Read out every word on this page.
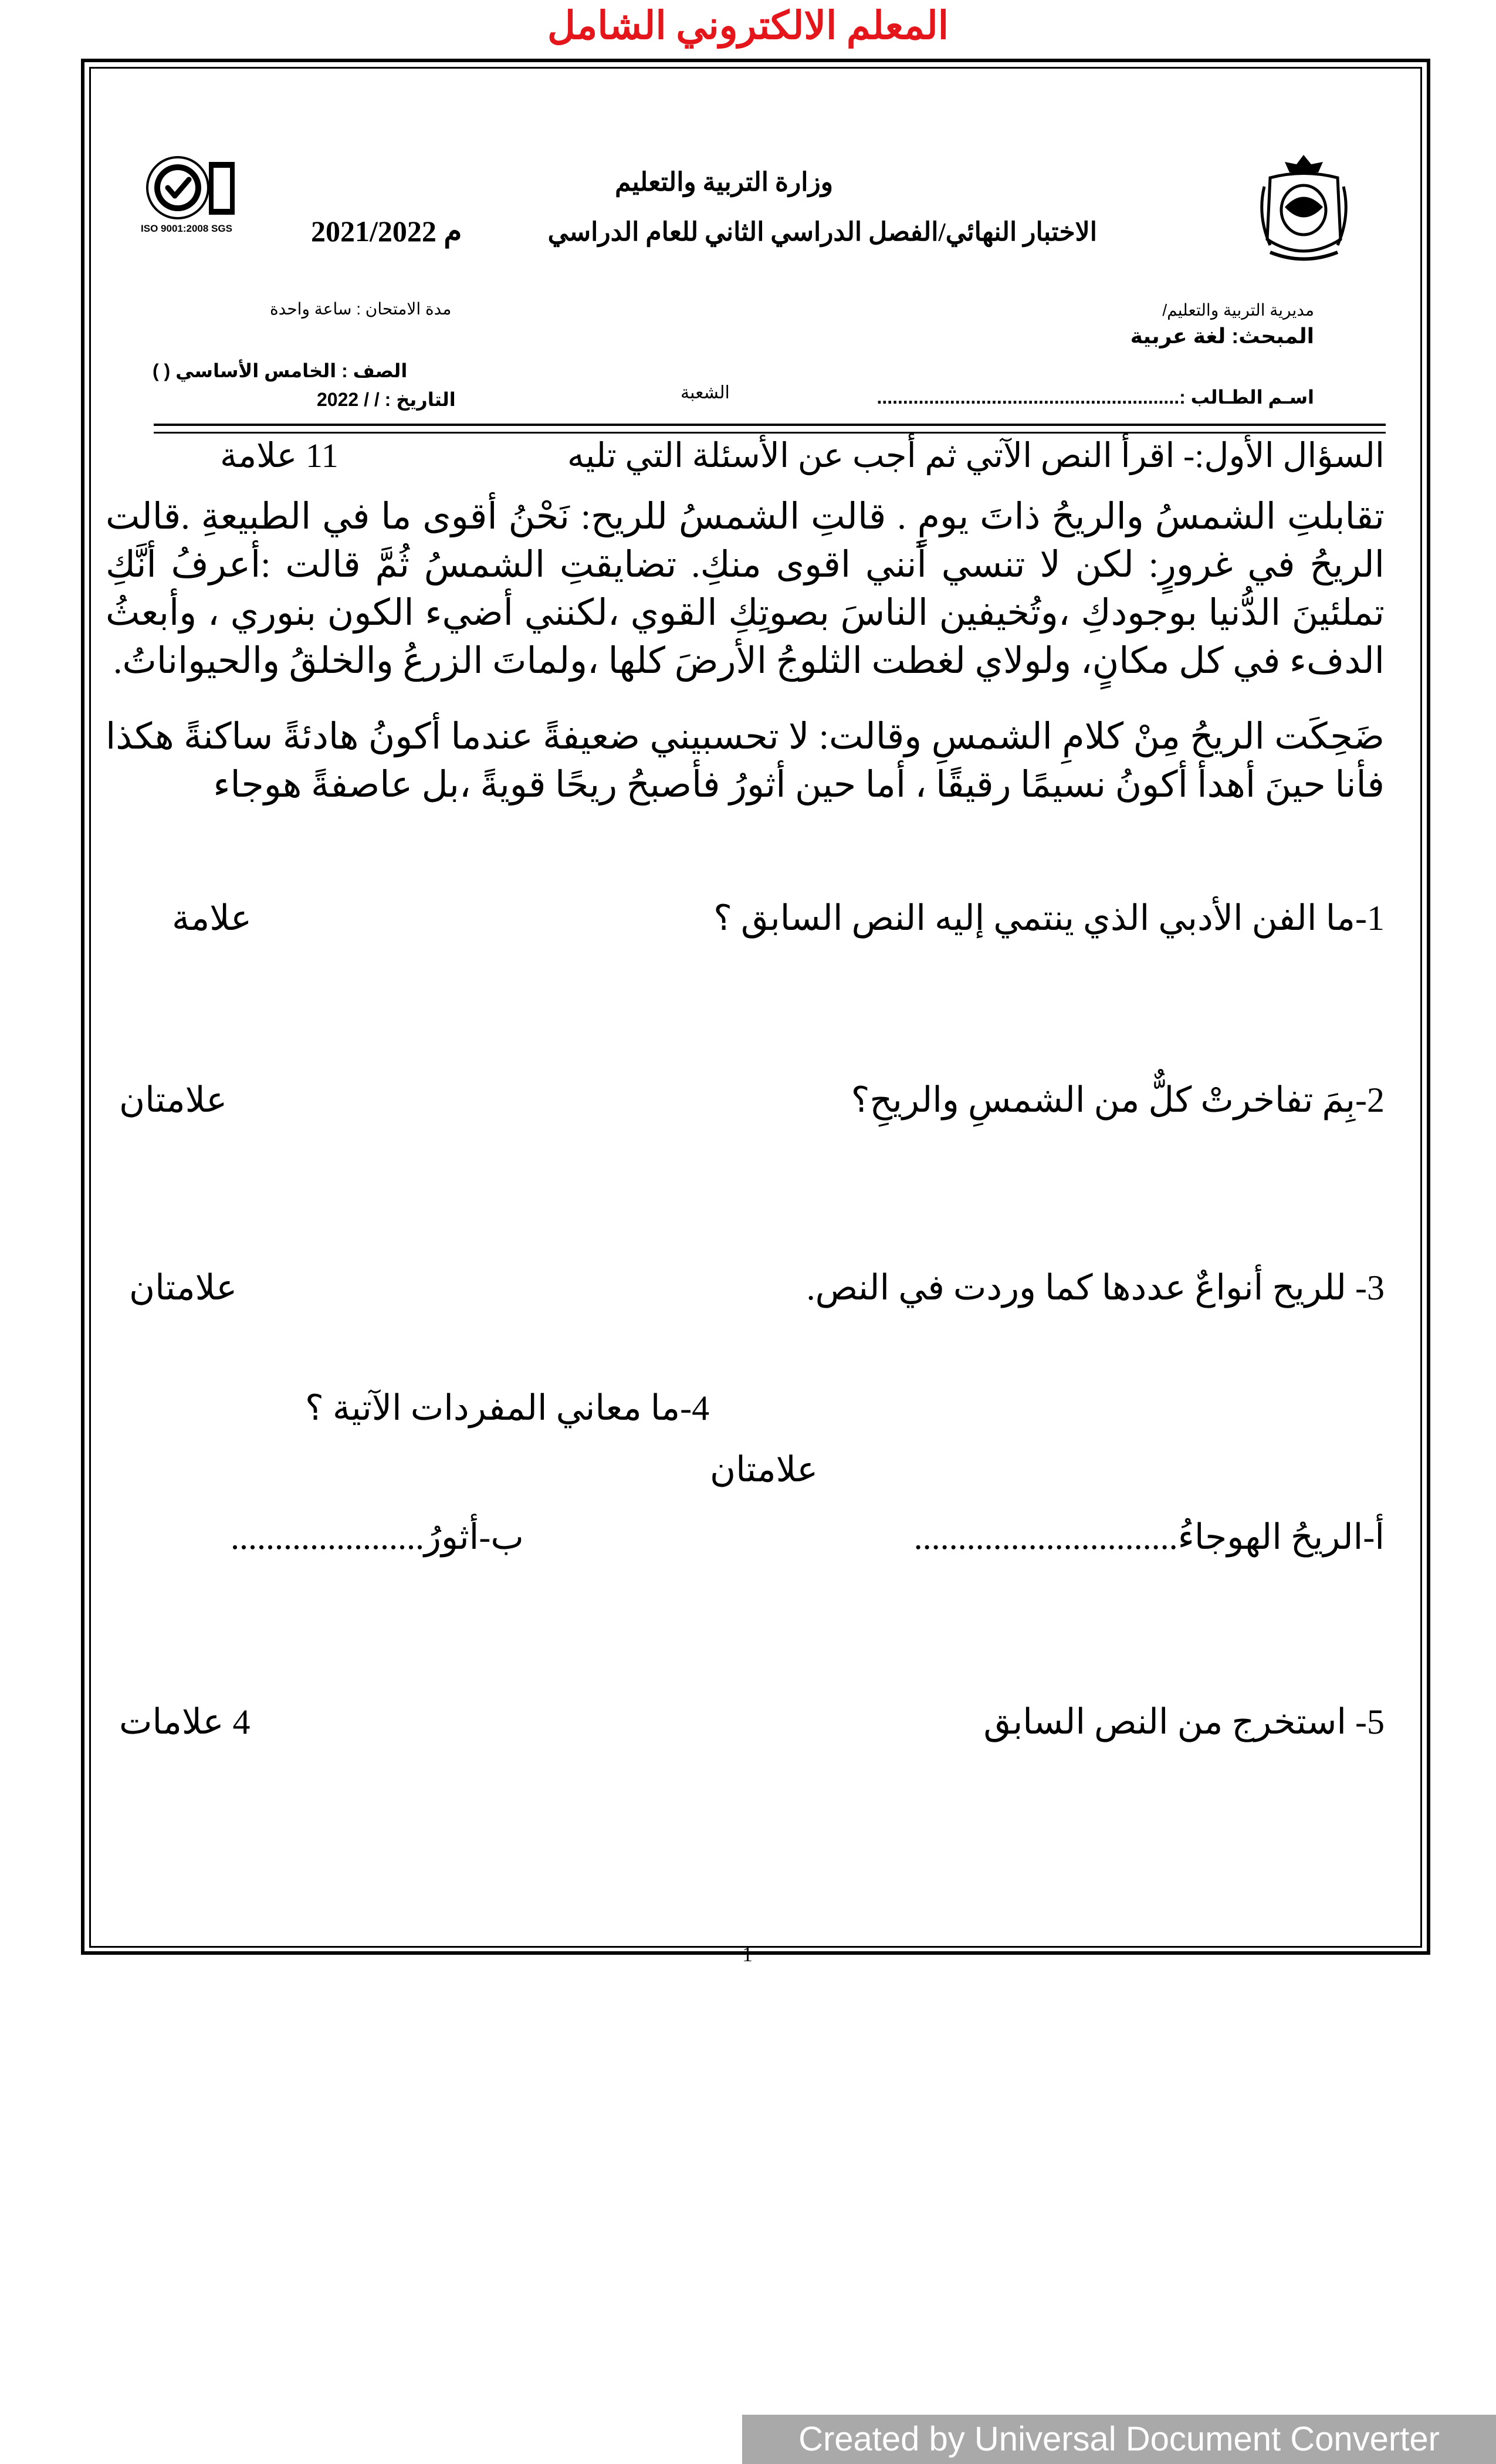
المعلم الالكتروني الشامل
ISO 9001:2008 SGS
وزارة التربية والتعليم
الاختبار النهائي/الفصل الدراسي الثاني للعام الدراسي
2021/2022 م
مديرية التربية والتعليم/
المبحث: لغة عربية
مدة الامتحان : ساعة واحدة
الصف : الخامس الأساسي ( )
التاريخ : / / 2022	اسـم الطـالب :..........................................................
الشعبة
السؤال الأول:- اقرأ النص الآتي ثم أجب عن الأسئلة التي تليه
11 علامة
تقابلتِ الشمسُ والريحُ ذاتَ يومٍ . قالتِ الشمسُ للريح: نَحْنُ أقوى ما في الطبيعةِ .قالت الريحُ في غرورٍ: لكن لا تنسي أنني اقوى منكِ. تضايقتِ الشمسُ ثُمَّ قالت :أعرفُ أنَّكِ تملئينَ الدُّنيا بوجودكِ ،وتُخيفين الناسَ بصوتِكِ القوي ،لكنني أضيء الكون بنوري ، وأبعثُ الدفء في كل مكانٍ، ولولاي لغطت الثلوجُ الأرضَ كلها ،ولماتَ الزرعُ والخلقُ والحيواناتُ.
ضَحِكَت الريحُ مِنْ كلامِ الشمسِ وقالت: لا تحسبيني ضعيفةً عندما أكونُ هادئةً ساكنةً هكذا فأنا حينَ أهدأ أكونُ نسيمًا رقيقًا ، أما حين أثورُ فأصبحُ ريحًا قويةً ،بل عاصفةً هوجاء
1-ما الفن الأدبي الذي ينتمي إليه النص السابق ؟
علامة
2-بِمَ تفاخرتْ كلٌّ من الشمسِ والريحِ؟
علامتان
3- للريح أنواعٌ عددها كما وردت في النص.
علامتان
4-ما معاني المفردات الآتية ؟
علامتان
أ-الريحُ الهوجاءُ..............................
ب-أثورُ......................
5- استخرج من النص السابق
4 علامات
1
Created by Universal Document Converter
